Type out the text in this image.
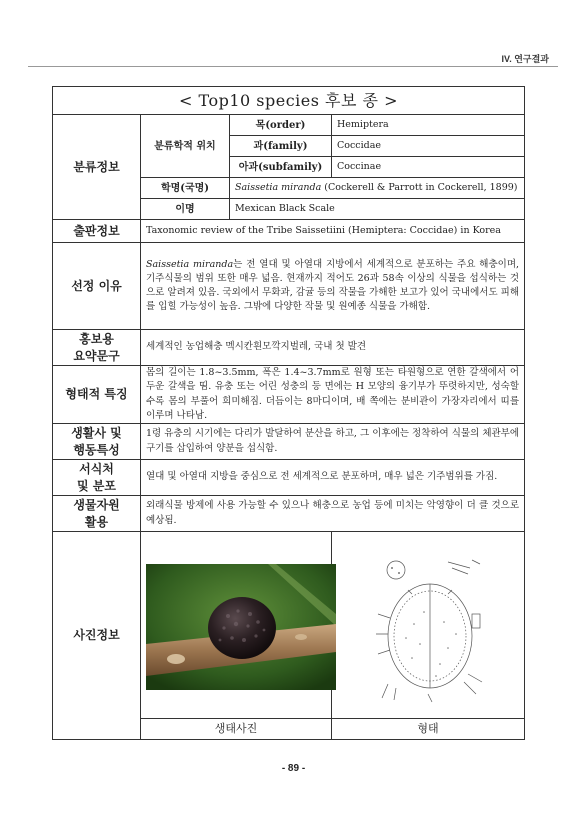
IV. 연구결과
< Top10 species 후보 종 >			
분류정보	분류학적 위치	목(order)	Hemiptera
		과(family)	Coccidae
		아과(subfamily)	Coccinae
	학명(국명)	Saissetia miranda (Cockerell & Parrott in Cockerell, 1899)	
	이명	Mexican Black Scale	
출판정보	Taxonomic review of the Tribe Saissetiini (Hemiptera: Coccidae) in Korea		
선정 이유	Saissetia miranda는 전 열대 및 아열대 지방에서 세계적으로 분포하는 주요 해충이며, 기주식물의 범위 또한 매우 넓음. 현재까지 적어도 26과 58속 이상의 식물을 섭식하는 것으로 알려져 있음. 국외에서 무화과, 감귤 등의 작물을 가해한 보고가 있어 국내에서도 피해를 입힐 가능성이 높음. 그밖에 다양한 작물 및 원예종 식물을 가해함.		
홍보용
요약문구	세계적인 농업해충 멕시칸흰모깍지벌레, 국내 첫 발견		
형태적 특징	몸의 길이는 1.8~3.5mm, 폭은 1.4~3.7mm로 원형 또는 타원형으로 연한 갈색에서 어두운 갈색을 띰. 유충 또는 어린 성충의 등 면에는 H 모양의 융기부가 뚜렷하지만, 성숙할수록 몸의 부풀어 희미해짐. 더듬이는 8마디이며, 배 쪽에는 분비관이 가장자리에서 띠를 이루며 나타남.		
생활사 및
행동특성	1령 유충의 시기에는 다리가 발달하여 분산을 하고, 그 이후에는 정착하여 식물의 체관부에 구기를 삽입하여 양분을 섭식함.		
서식처
및 분포	열대 및 아열대 지방을 중심으로 전 세계적으로 분포하며, 매우 넓은 기주범위를 가짐.		
생물자원
활용	외래식물 방제에 사용 가능할 수 있으나 해충으로 농업 등에 미치는 악영향이 더 클 것으로 예상됨.		
사진정보	

	생태사진		형태
- 89 -
